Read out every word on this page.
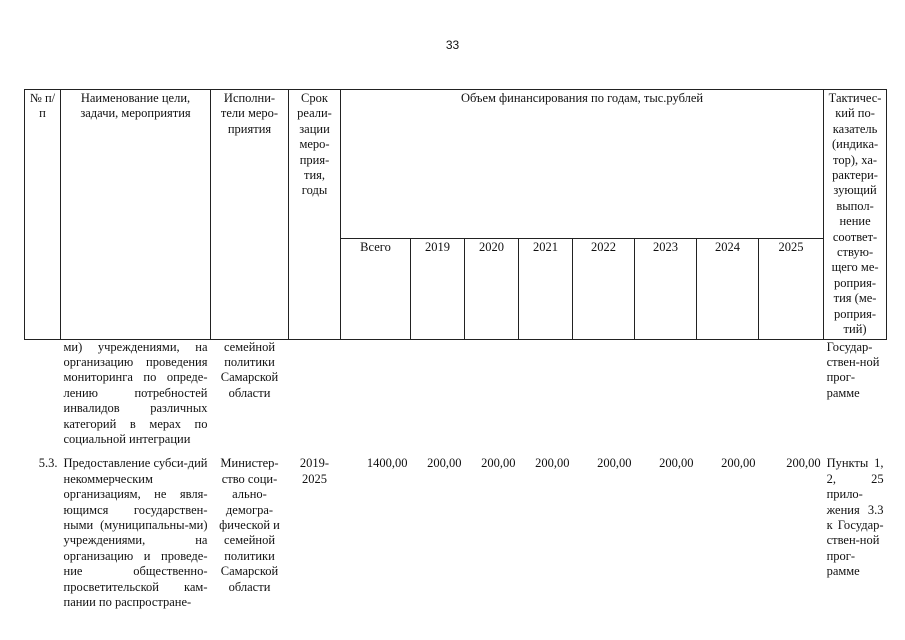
33
№ п/п	Наименование цели, задачи, мероприятия	Исполни-тели меро-приятия	Срок реали-зации меро-прия-тия, годы	Объем финансирования по годам, тыс.рублей								Тактичес-кий по-казатель (индика-тор), ха-рактери-зующий выпол-нение соответ-ствую-щего ме-роприя-тия (ме-роприя-тий)
				Всего	2019	2020	2021	2022	2023	2024	2025	
	ми) учреждениями, на организацию проведения мониторинга по опреде-лению потребностей инвалидов различных категорий в мерах по социальной интеграции	семейной политики Самарской области										Государ-ствен-ной прог-рамме
5.3.	Предоставление субси-дий некоммерческим организациям, не явля-ющимся государствен-ными (муниципальны-ми) учреждениями, на организацию и проведе-ние общественно-просветительской кам-пании по распростране-	Министер-ство соци-ально-демогра-фической и семейной политики Самарской области	2019-2025	1400,00	200,00	200,00	200,00	200,00	200,00	200,00	200,00	Пункты 1, 2, 25 прило-жения 3.3 к Государ-ствен-ной прог-рамме
